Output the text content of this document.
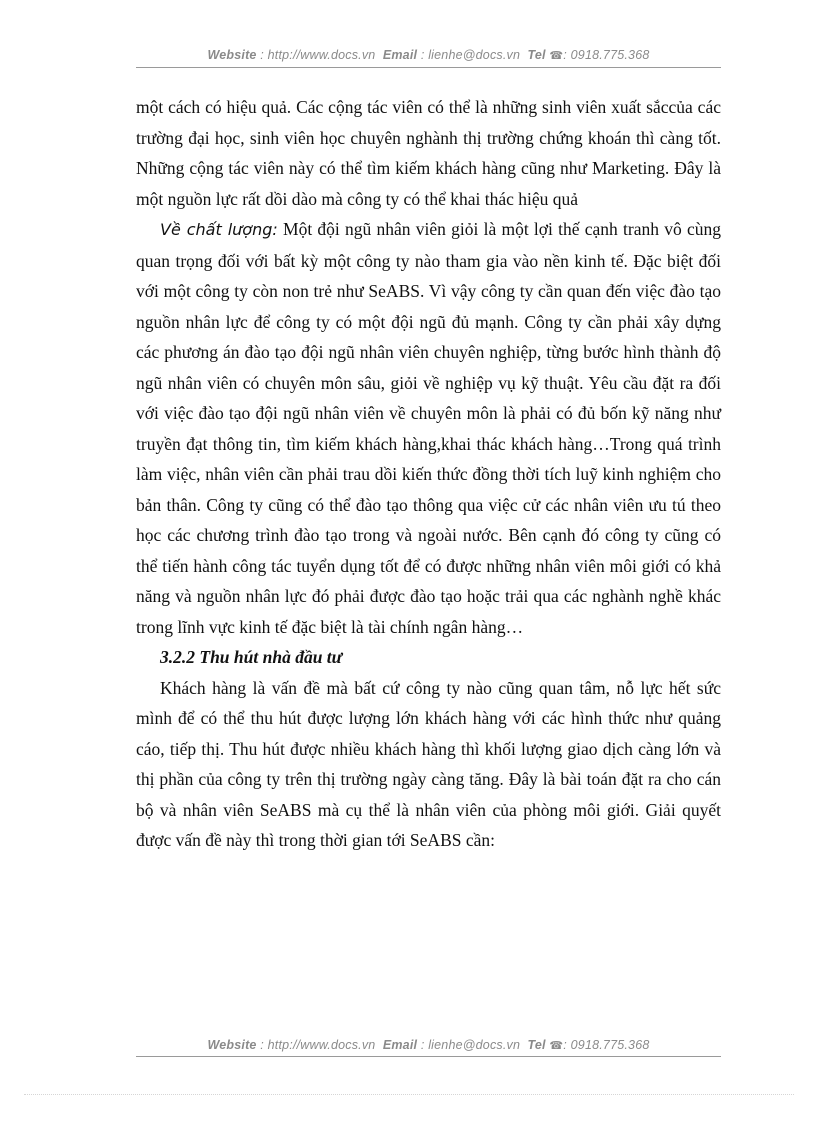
Website : http://www.docs.vn Email : lienhe@docs.vn Tel ☎: 0918.775.368

một cách có hiệu quả. Các cộng tác viên có thể là những sinh viên xuất sắccủa các trường đại học, sinh viên học chuyên nghành thị trường chứng khoán thì càng tốt. Những cộng tác viên này có thể tìm kiếm khách hàng cũng như Marketing. Đây là một nguồn lực rất dồi dào mà công ty có thể khai thác hiệu quả

Về chất lượng: Một đội ngũ nhân viên giỏi là một lợi thế cạnh tranh vô cùng quan trọng đối với bất kỳ một công ty nào tham gia vào nền kinh tế. Đặc biệt đối với một công ty còn non trẻ như SeABS. Vì vậy công ty cần quan đến việc đào tạo nguồn nhân lực để công ty có một đội ngũ đủ mạnh. Công ty cần phải xây dựng các phương án đào tạo đội ngũ nhân viên chuyên nghiệp, từng bước hình thành độ ngũ nhân viên có chuyên môn sâu, giỏi về nghiệp vụ kỹ thuật. Yêu cầu đặt ra đối với việc đào tạo đội ngũ nhân viên về chuyên môn là phải có đủ bốn kỹ năng như truyền đạt thông tin, tìm kiếm khách hàng,khai thác khách hàng…Trong quá trình làm việc, nhân viên cần phải trau dồi kiến thức đồng thời tích luỹ kinh nghiệm cho bản thân. Công ty cũng có thể đào tạo thông qua việc cử các nhân viên ưu tú theo học các chương trình đào tạo trong và ngoài nước. Bên cạnh đó công ty cũng có thể tiến hành công tác tuyển dụng tốt để có được những nhân viên môi giới có khả năng và nguồn nhân lực đó phải được đào tạo hoặc trải qua các nghành nghề khác trong lĩnh vực kinh tế đặc biệt là tài chính ngân hàng…

3.2.2 Thu hút nhà đầu tư

Khách hàng là vấn đề mà bất cứ công ty nào cũng quan tâm, nỗ lực hết sức mình để có thể thu hút được lượng lớn khách hàng với các hình thức như quảng cáo, tiếp thị. Thu hút được nhiều khách hàng thì khối lượng giao dịch càng lớn và thị phần của công ty trên thị trường ngày càng tăng. Đây là bài toán đặt ra cho cán bộ và nhân viên SeABS mà cụ thể là nhân viên của phòng môi giới. Giải quyết được vấn đề này thì trong thời gian tới SeABS cần:

Website : http://www.docs.vn Email : lienhe@docs.vn Tel ☎: 0918.775.368
